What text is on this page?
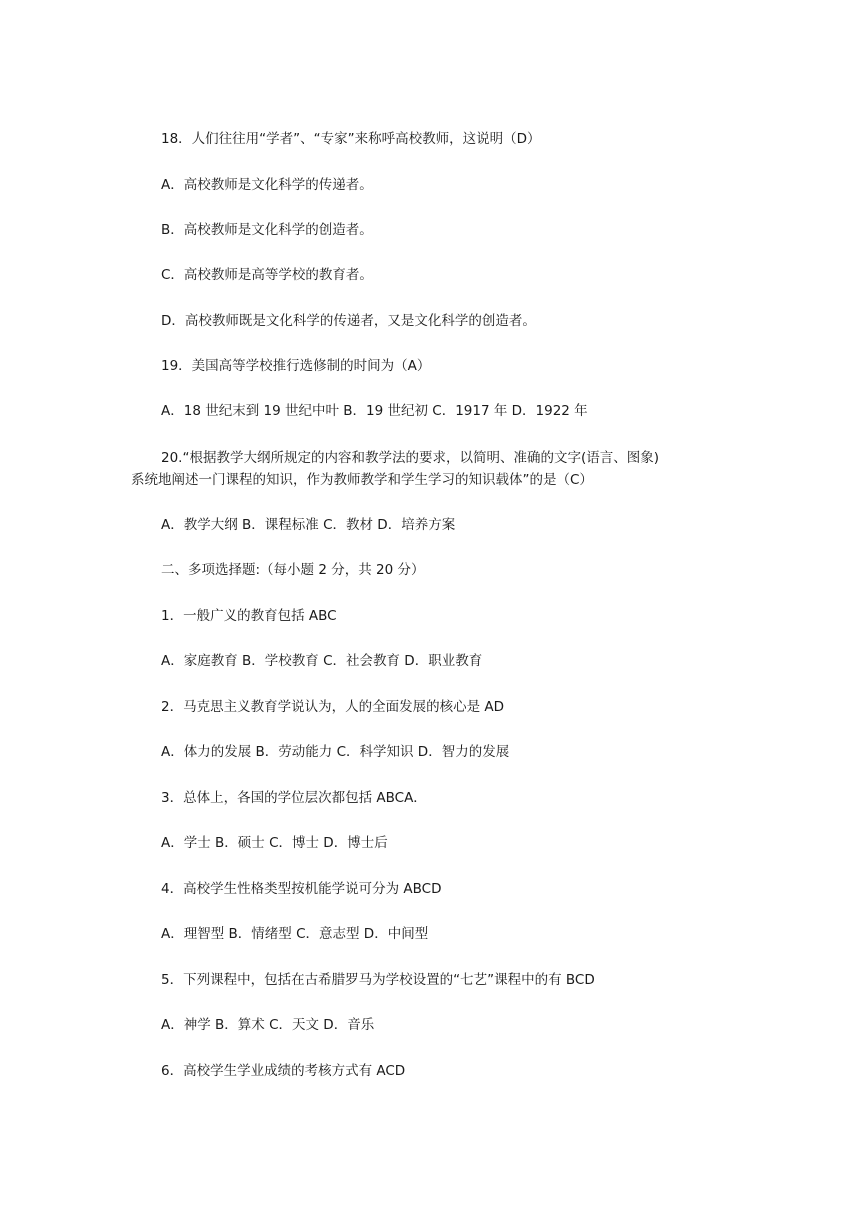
18．人们往往用“学者”、“专家”来称呼高校教师，这说明（D）
A．高校教师是文化科学的传递者。
B．高校教师是文化科学的创造者。
C．高校教师是高等学校的教育者。
D．高校教师既是文化科学的传递者，又是文化科学的创造者。
19．美国高等学校推行选修制的时间为（A）
A．18 世纪末到 19 世纪中叶 B．19 世纪初 C．1917 年 D．1922 年
20.“根据教学大纲所规定的内容和教学法的要求，以简明、准确的文字(语言、图象)
系统地阐述一门课程的知识，作为教师教学和学生学习的知识载体”的是（C）
A．教学大纲 B．课程标准 C．教材 D．培养方案
二、多项选择题:（每小题 2 分，共 20 分）
1．一般广义的教育包括 ABC
A．家庭教育 B．学校教育 C．社会教育 D．职业教育
2．马克思主义教育学说认为，人的全面发展的核心是 AD
A．体力的发展 B．劳动能力 C．科学知识 D．智力的发展
3．总体上，各国的学位层次都包括 ABCA．
A．学士 B．硕士 C．博士 D．博士后
4．高校学生性格类型按机能学说可分为 ABCD
A．理智型 B．情绪型 C．意志型 D．中间型
5．下列课程中，包括在古希腊罗马为学校设置的“七艺”课程中的有 BCD
A．神学 B．算术 C．天文 D．音乐
6．高校学生学业成绩的考核方式有 ACD
